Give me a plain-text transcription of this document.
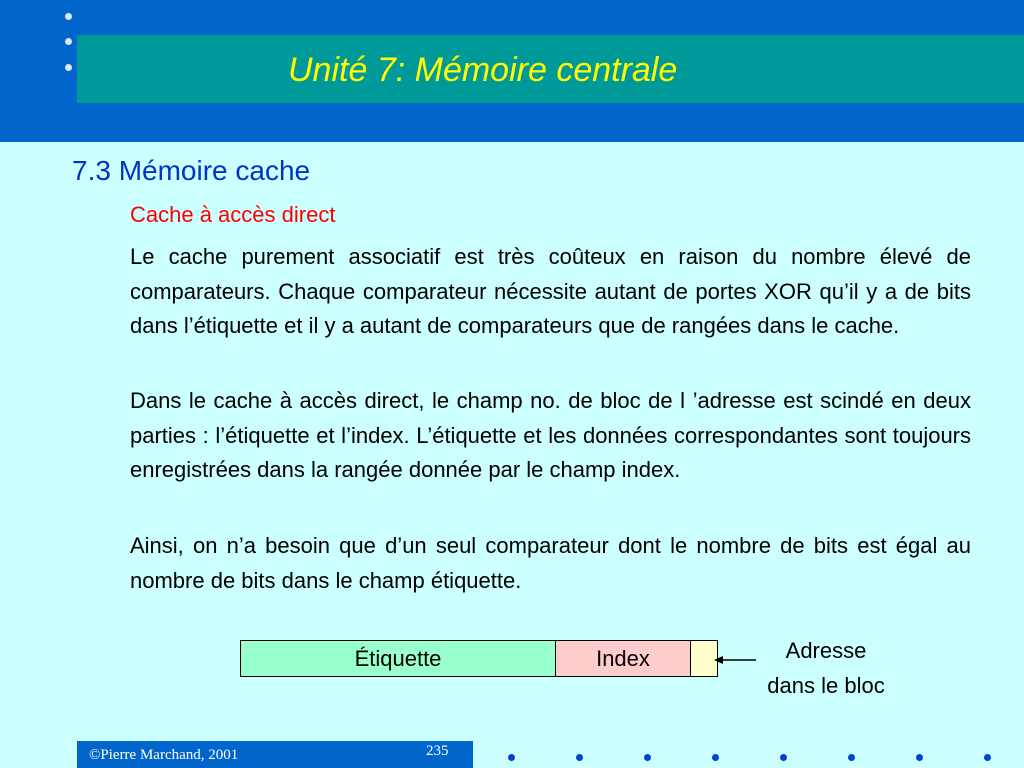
Unité 7: Mémoire centrale
7.3 Mémoire cache
Cache à accès direct
Le cache purement associatif est très coûteux en raison du nombre élevé de comparateurs. Chaque comparateur nécessite autant de portes XOR qu’il y a de bits dans l’étiquette et il y a autant de comparateurs que de rangées dans le cache.
Dans le cache à accès direct, le champ no. de bloc de l ’adresse est scindé en deux parties : l’étiquette et l’index. L’étiquette et les données correspondantes sont toujours enregistrées dans la rangée donnée par le champ index.
Ainsi, on n’a besoin que d’un seul comparateur dont le nombre de bits est égal au nombre de bits dans le champ étiquette.
Étiquette	Index	Adresse
dans le bloc
©Pierre Marchand, 2001	235
